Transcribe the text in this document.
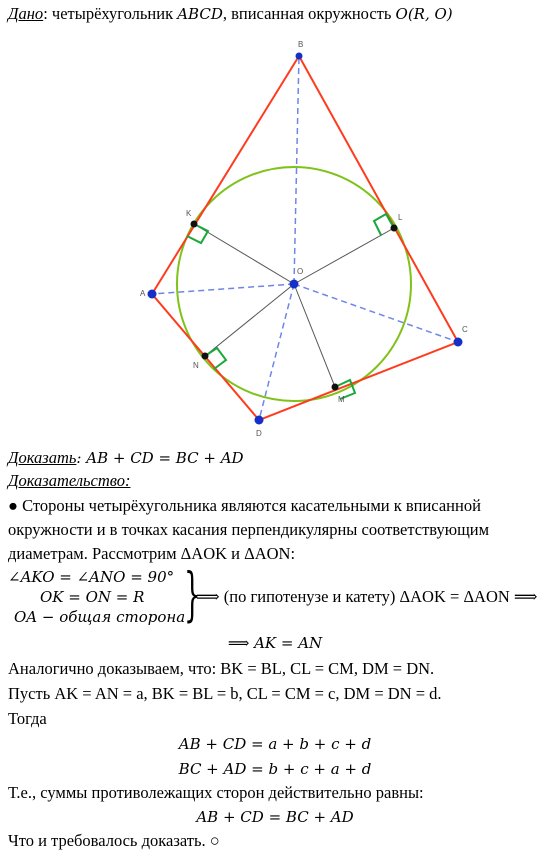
Дано: четырёхугольник ABCD, вписанная окружность O(R, O)
B
A
C
D
O
K	L
N
M
Доказать: AB + CD = BC + AD
Доказательство:
● Стороны четырёхугольника являются касательными к вписанной
окружности и в точках касания перпендикулярны соответствующим
диаметрам. Рассмотрим ΔAOK и ΔAON:
∠AKO = ∠ANO = 90°
OK = ON = R
OA − общая сторона
}
⟹ (по гипотенузе и катету) ΔAOK = ΔAON ⟹
⟹ AK = AN
Аналогично доказываем, что: BK = BL, CL = CM, DM = DN.
Пусть AK = AN = a, BK = BL = b, CL = CM = c, DM = DN = d.
Тогда
AB + CD = a + b + c + d
BC + AD = b + c + a + d
Т.е., суммы противолежащих сторон действительно равны:
AB + CD = BC + AD
Что и требовалось доказать. ○
